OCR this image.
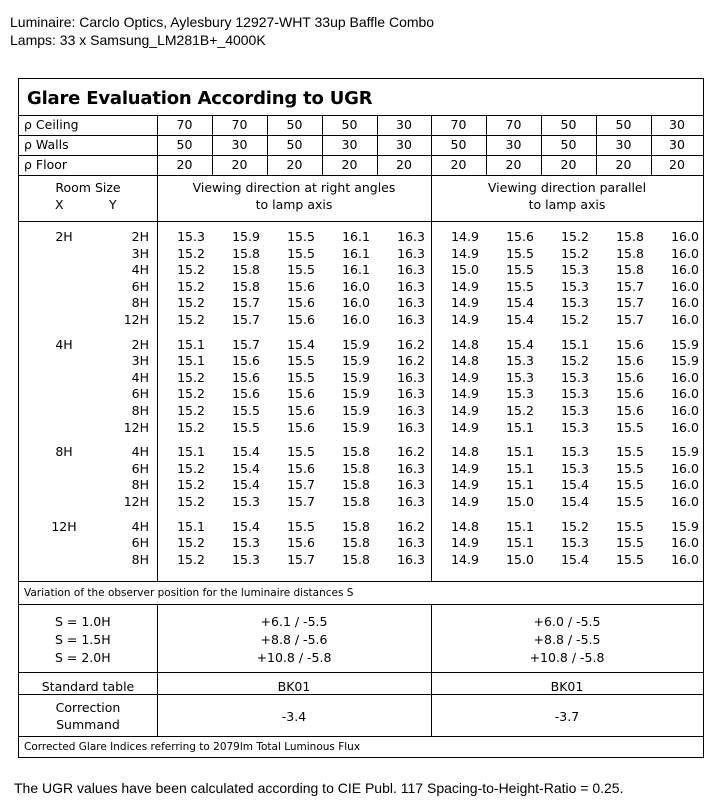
Luminaire: Carclo Optics, Aylesbury 12927-WHT 33up Baffle Combo
Lamps: 33 x Samsung_LM281B+_4000K
Glare Evaluation According to UGR
ρ Ceiling	70	70	50	50	30	70	70	50	50	30
ρ Walls	50	30	50	30	30	50	30	50	30	30
ρ Floor	20	20	20	20	20	20	20	20	20	20
Room Size
X	Y
Viewing direction at right angles
to lamp axis
Viewing direction parallel
to lamp axis
2H	2H	15.3	15.9	15.5	16.1	16.3	14.9	15.6	15.2	15.8	16.0
3H	15.2	15.8	15.5	16.1	16.3	14.9	15.5	15.2	15.8	16.0
4H	15.2	15.8	15.5	16.1	16.3	15.0	15.5	15.3	15.8	16.0
6H	15.2	15.8	15.6	16.0	16.3	14.9	15.5	15.3	15.7	16.0
8H	15.2	15.7	15.6	16.0	16.3	14.9	15.4	15.3	15.7	16.0
12H	15.2	15.7	15.6	16.0	16.3	14.9	15.4	15.2	15.7	16.0
4H	2H	15.1	15.7	15.4	15.9	16.2	14.8	15.4	15.1	15.6	15.9
3H	15.1	15.6	15.5	15.9	16.2	14.8	15.3	15.2	15.6	15.9
4H	15.2	15.6	15.5	15.9	16.3	14.9	15.3	15.3	15.6	16.0
6H	15.2	15.6	15.6	15.9	16.3	14.9	15.3	15.3	15.6	16.0
8H	15.2	15.5	15.6	15.9	16.3	14.9	15.2	15.3	15.6	16.0
12H	15.2	15.5	15.6	15.9	16.3	14.9	15.1	15.3	15.5	16.0
8H	4H	15.1	15.4	15.5	15.8	16.2	14.8	15.1	15.3	15.5	15.9
6H	15.2	15.4	15.6	15.8	16.3	14.9	15.1	15.3	15.5	16.0
8H	15.2	15.4	15.7	15.8	16.3	14.9	15.1	15.4	15.5	16.0
12H	15.2	15.3	15.7	15.8	16.3	14.9	15.0	15.4	15.5	16.0
12H	4H	15.1	15.4	15.5	15.8	16.2	14.8	15.1	15.2	15.5	15.9
6H	15.2	15.3	15.6	15.8	16.3	14.9	15.1	15.3	15.5	16.0
8H	15.2	15.3	15.7	15.8	16.3	14.9	15.0	15.4	15.5	16.0
Variation of the observer position for the luminaire distances S
S = 1.0H	+6.1 / -5.5	+6.0 / -5.5
S = 1.5H	+8.8 / -5.6	+8.8 / -5.5
S = 2.0H	+10.8 / -5.8	+10.8 / -5.8
Standard table	BK01	BK01
Correction
Summand
-3.4	-3.7
Corrected Glare Indices referring to 2079lm Total Luminous Flux
The UGR values have been calculated according to CIE Publ. 117 Spacing-to-Height-Ratio = 0.25.
